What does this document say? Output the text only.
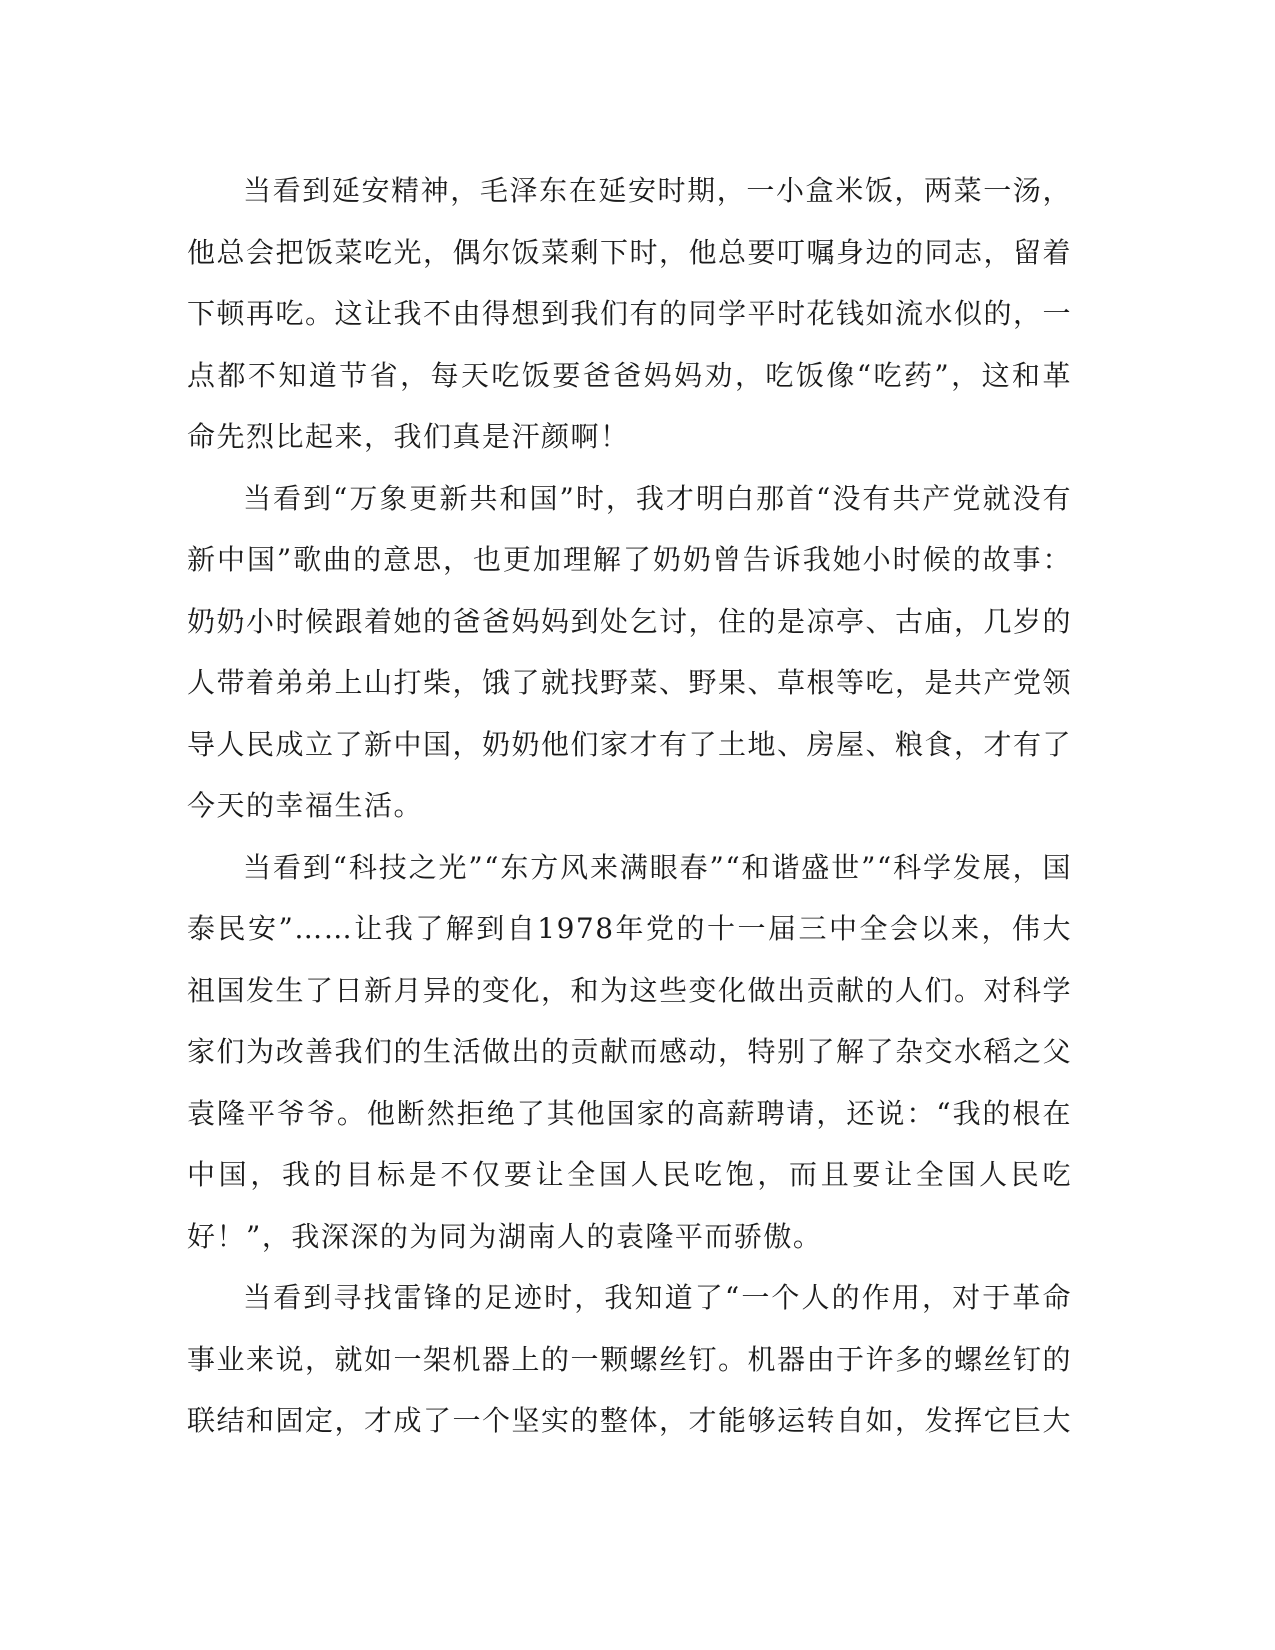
当看到延安精神，毛泽东在延安时期，一小盒米饭，两菜一汤，他总会把饭菜吃光，偶尔饭菜剩下时，他总要叮嘱身边的同志，留着下顿再吃。这让我不由得想到我们有的同学平时花钱如流水似的，一点都不知道节省，每天吃饭要爸爸妈妈劝，吃饭像“吃药”，这和革命先烈比起来，我们真是汗颜啊！

当看到“万象更新共和国”时，我才明白那首“没有共产党就没有新中国”歌曲的意思，也更加理解了奶奶曾告诉我她小时候的故事：奶奶小时候跟着她的爸爸妈妈到处乞讨，住的是凉亭、古庙，几岁的人带着弟弟上山打柴，饿了就找野菜、野果、草根等吃，是共产党领导人民成立了新中国，奶奶他们家才有了土地、房屋、粮食，才有了今天的幸福生活。

当看到“科技之光”“东方风来满眼春”“和谐盛世”“科学发展，国泰民安”……让我了解到自1978年党的十一届三中全会以来，伟大祖国发生了日新月异的变化，和为这些变化做出贡献的人们。对科学家们为改善我们的生活做出的贡献而感动，特别了解了杂交水稻之父袁隆平爷爷。他断然拒绝了其他国家的高薪聘请，还说：“我的根在中国，我的目标是不仅要让全国人民吃饱，而且要让全国人民吃好！”，我深深的为同为湖南人的袁隆平而骄傲。

当看到寻找雷锋的足迹时，我知道了“一个人的作用，对于革命事业来说，就如一架机器上的一颗螺丝钉。机器由于许多的螺丝钉的联结和固定，才成了一个坚实的整体，才能够运转自如，发挥它巨大
